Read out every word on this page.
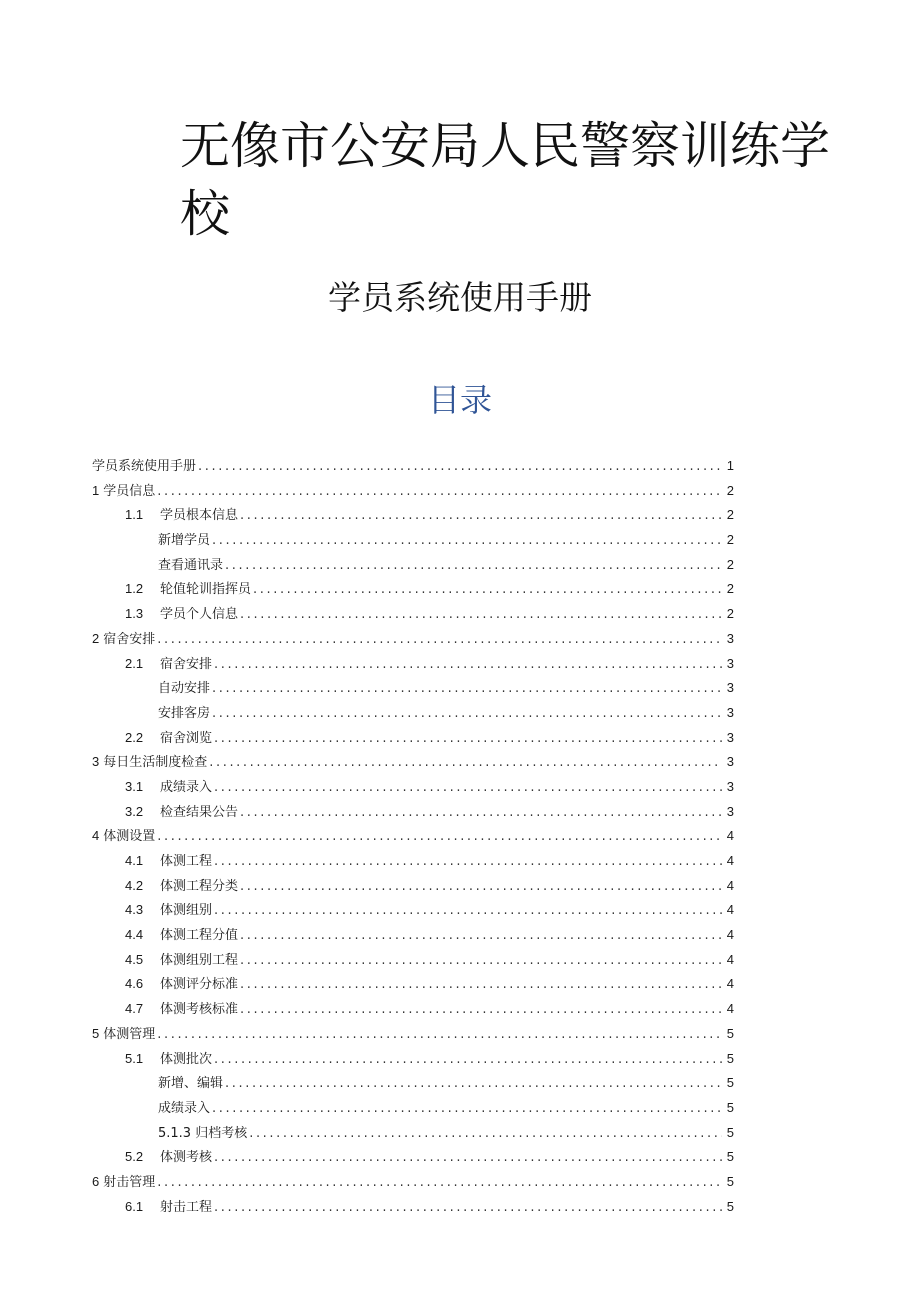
无像市公安局人民警察训练学校
学员系统使用手册
目录
学员系统使用手册 .....	1
1 学员信息 .....	2
1.1	学员根本信息 .....	2
新增学员 .....	2
查看通讯录 .....	2
1.2	轮值轮训指挥员 .....	2
1.3	学员个人信息 .....	2
2 宿舍安排 .....	3
2.1	宿舍安排 .....	3
自动安排 .....	3
安排客房 .....	3
2.2	宿舍浏览 .....	3
3 每日生活制度检查 .....	3
3.1	成绩录入 .....	3
3.2	检查结果公告 .....	3
4 体测设置 .....	4
4.1	体测工程 .....	4
4.2	体测工程分类 .....	4
4.3	体测组别 .....	4
4.4	体测工程分值 .....	4
4.5	体测组别工程 .....	4
4.6	体测评分标准 .....	4
4.7	体测考核标准 .....	4
5 体测管理 .....	5
5.1	体测批次 .....	5
新增、编辑 .....	5
成绩录入 .....	5
5.1.3 归档考核 .....	5
5.2	体测考核 .....	5
6 射击管理 .....	5
6.1	射击工程 .....	5
